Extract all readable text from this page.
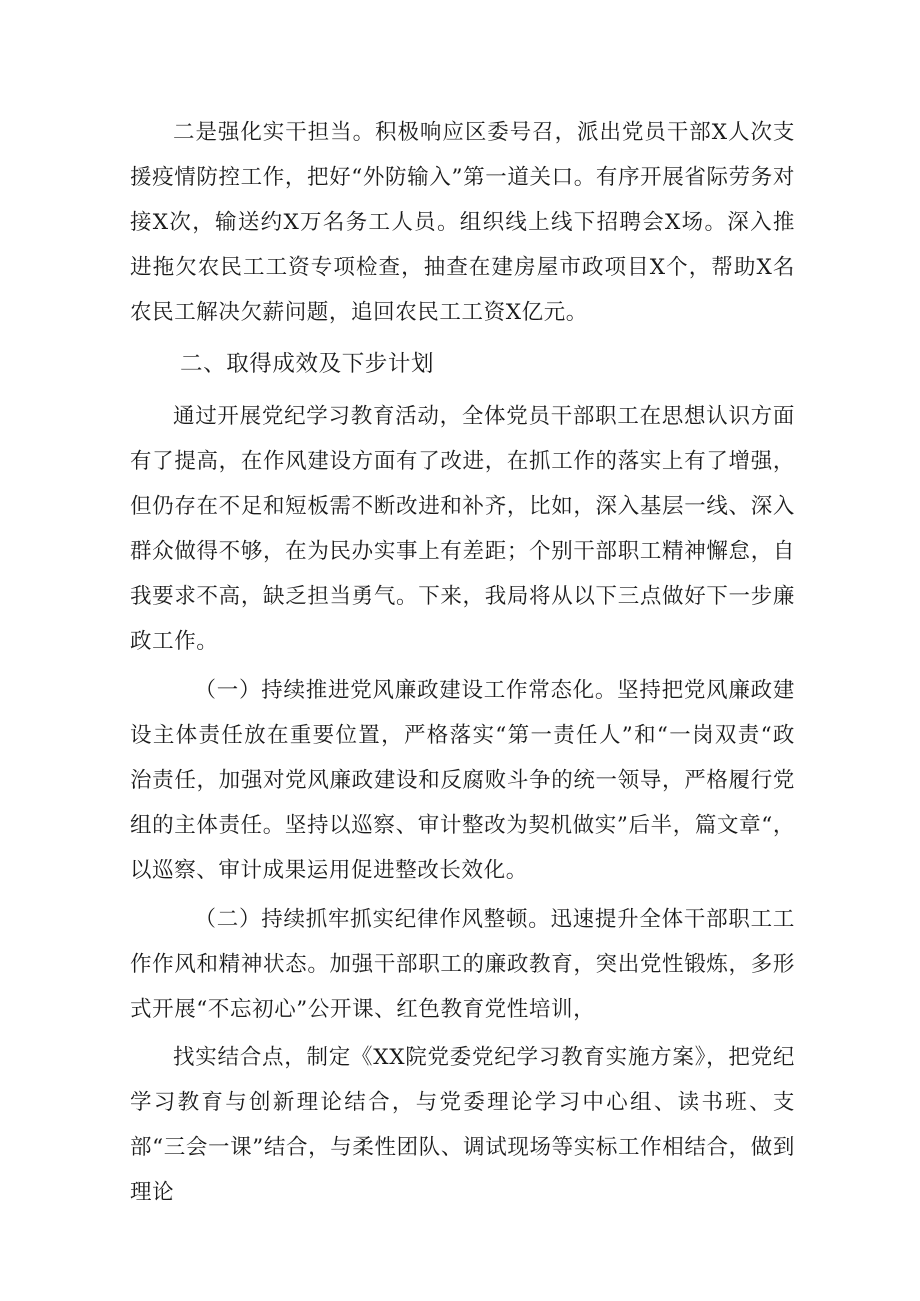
二是强化实干担当。积极响应区委号召，派出党员干部X人次支援疫情防控工作，把好“外防输入”第一道关口。有序开展省际劳务对接X次，输送约X万名务工人员。组织线上线下招聘会X场。深入推进拖欠农民工工资专项检查，抽查在建房屋市政项目X个，帮助X名农民工解决欠薪问题，追回农民工工资X亿元。

二、取得成效及下步计划

通过开展党纪学习教育活动，全体党员干部职工在思想认识方面有了提高，在作风建设方面有了改进，在抓工作的落实上有了增强，但仍存在不足和短板需不断改进和补齐，比如，深入基层一线、深入群众做得不够，在为民办实事上有差距；个别干部职工精神懈怠，自我要求不高，缺乏担当勇气。下来，我局将从以下三点做好下一步廉政工作。

（一）持续推进党风廉政建设工作常态化。坚持把党风廉政建设主体责任放在重要位置，严格落实“第一责任人”和“一岗双责“政治责任，加强对党风廉政建设和反腐败斗争的统一领导，严格履行党组的主体责任。坚持以巡察、审计整改为契机做实”后半，篇文章“，以巡察、审计成果运用促进整改长效化。

（二）持续抓牢抓实纪律作风整顿。迅速提升全体干部职工工作作风和精神状态。加强干部职工的廉政教育，突出党性锻炼，多形式开展“不忘初心”公开课、红色教育党性培训，

找实结合点，制定《XX院党委党纪学习教育实施方案》，把党纪学习教育与创新理论结合，与党委理论学习中心组、读书班、支部“三会一课”结合，与柔性团队、调试现场等实标工作相结合，做到理论
